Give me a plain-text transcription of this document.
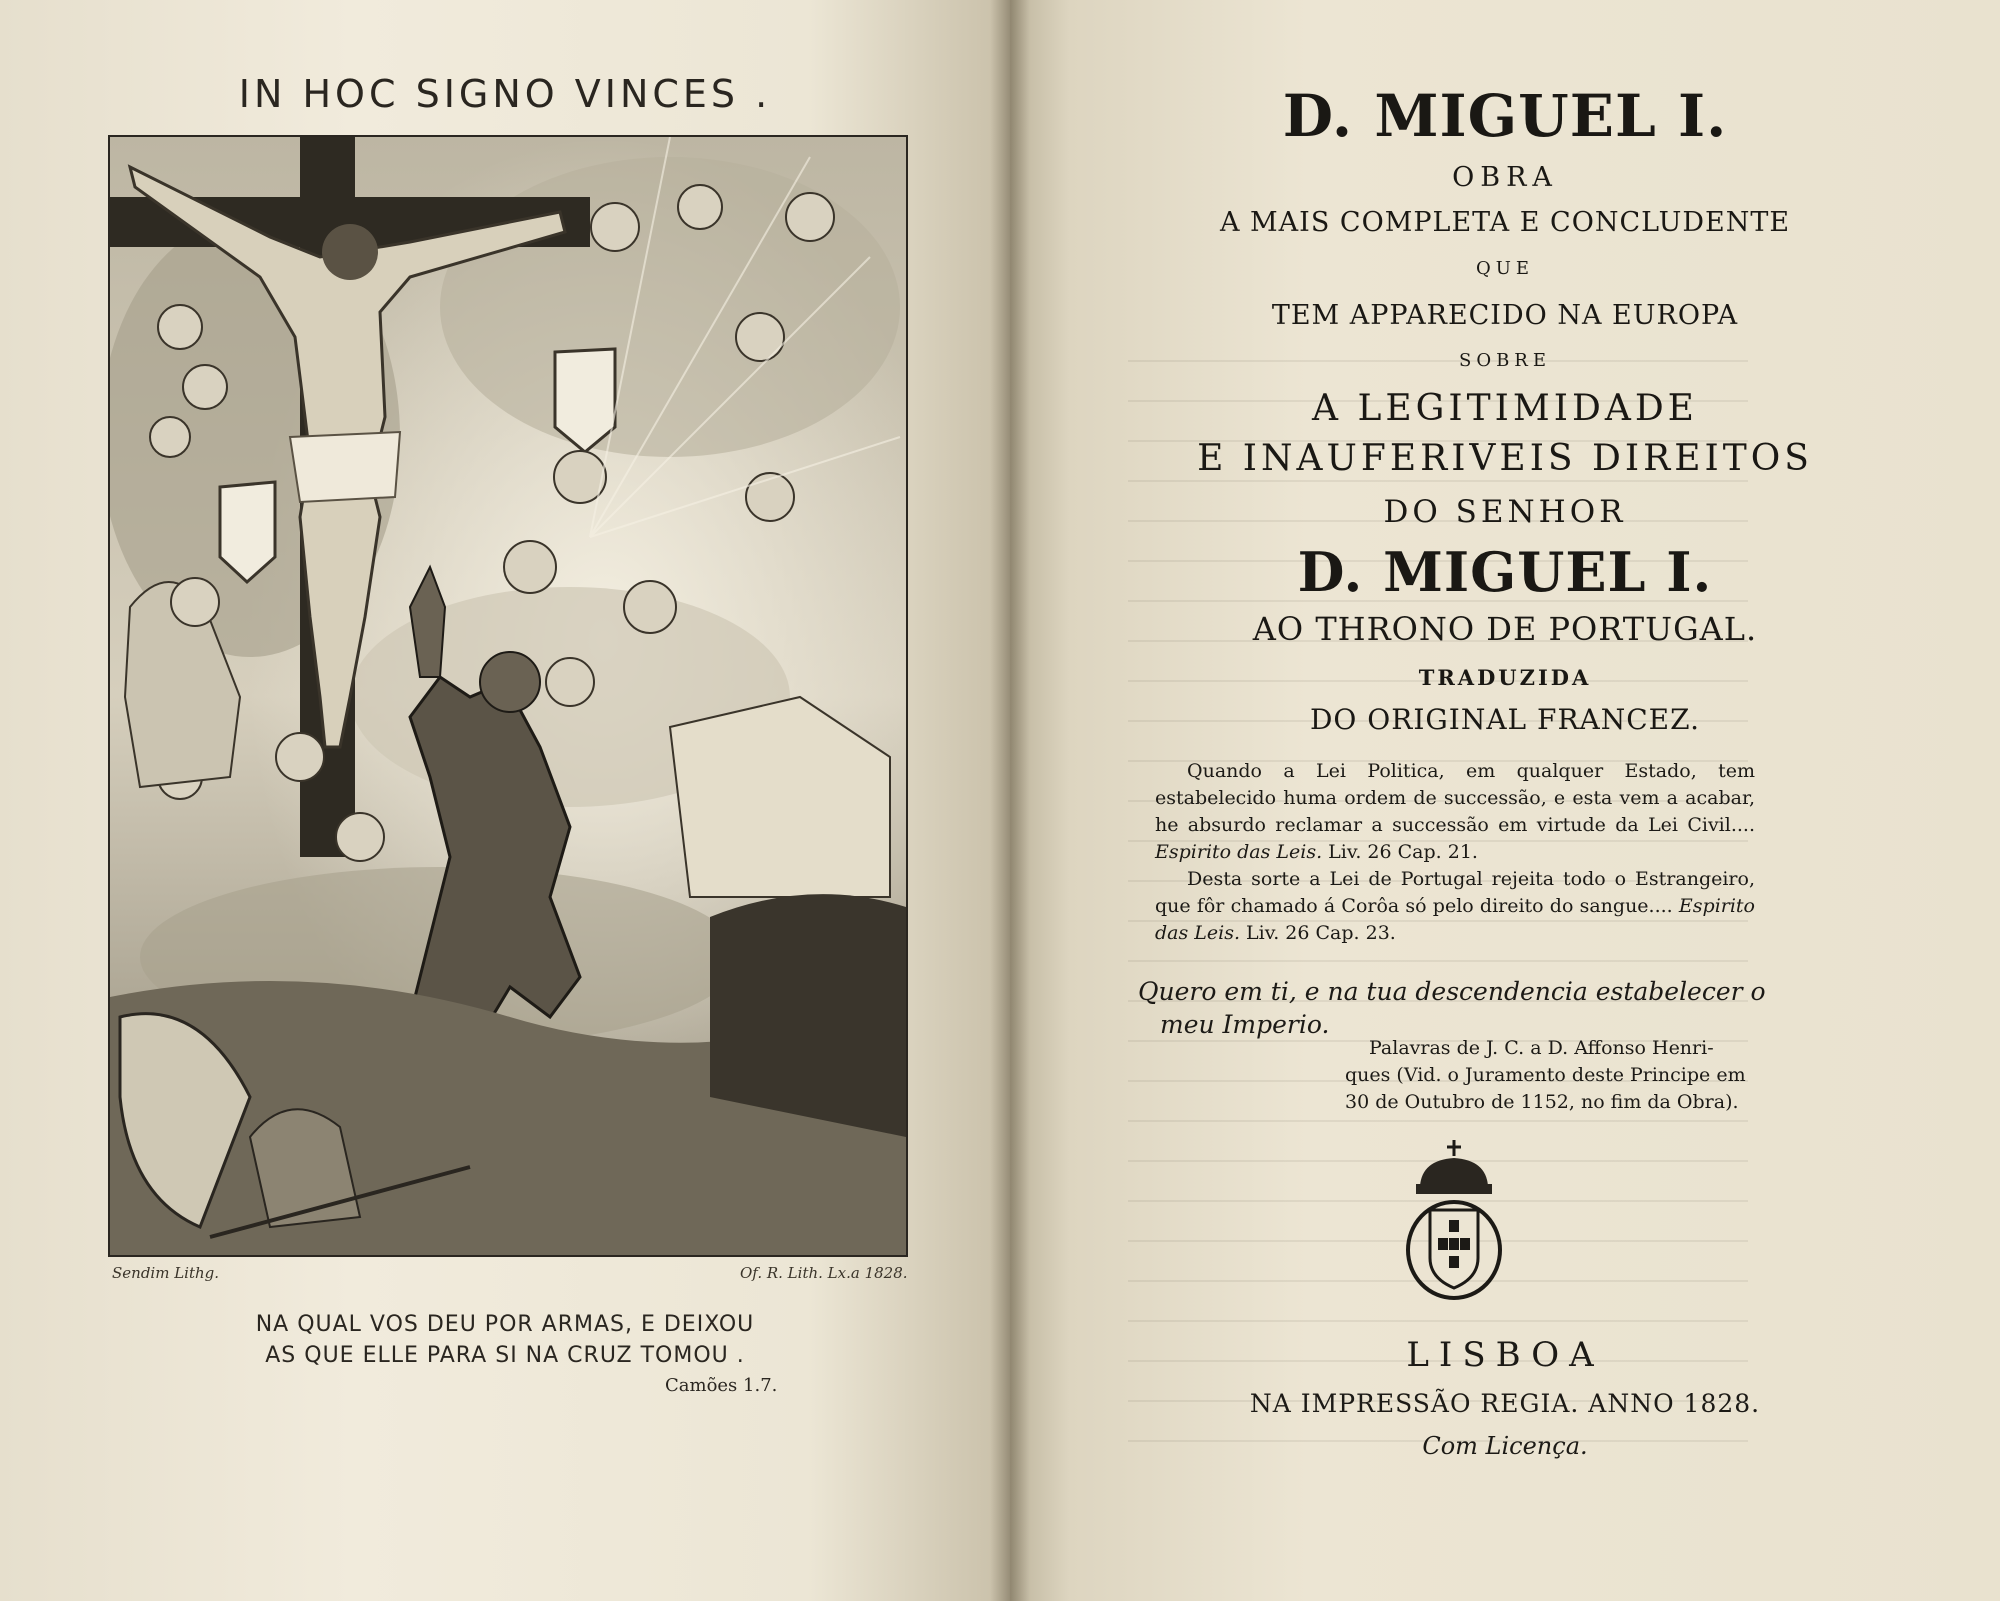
IN HOC SIGNO VINCES .
Sendim Lithg.	Of. R. Lith. Lx.a 1828.
NA QUAL VOS DEU POR ARMAS, E DEIXOU
AS QUE ELLE PARA SI NA CRUZ TOMOU .
Camões 1.7.
D. MIGUEL I.
OBRA
A MAIS COMPLETA E CONCLUDENTE
QUE
TEM APPARECIDO NA EUROPA
SOBRE
A LEGITIMIDADE
E INAUFERIVEIS DIREITOS
DO SENHOR
D. MIGUEL I.
AO THRONO DE PORTUGAL.
TRADUZIDA
DO ORIGINAL FRANCEZ.

Quando a Lei Politica, em qualquer Estado, tem estabelecido huma ordem de successão, e esta vem a acabar, he absurdo reclamar a successão em virtude da Lei Civil.... Espirito das Leis. Liv. 26 Cap. 21.

Desta sorte a Lei de Portugal rejeita todo o Estrangeiro, que fôr chamado á Corôa só pelo direito do sangue.... Espirito das Leis. Liv. 26 Cap. 23.

Quero em ti, e na tua descendencia estabelecer o
meu Imperio.
Palavras de J. C. a D. Affonso Henri-
ques (Vid. o Juramento deste Principe em
30 de Outubro de 1152, no fim da Obra).
LISBOA
NA IMPRESSÃO REGIA. ANNO 1828.
Com Licença.
